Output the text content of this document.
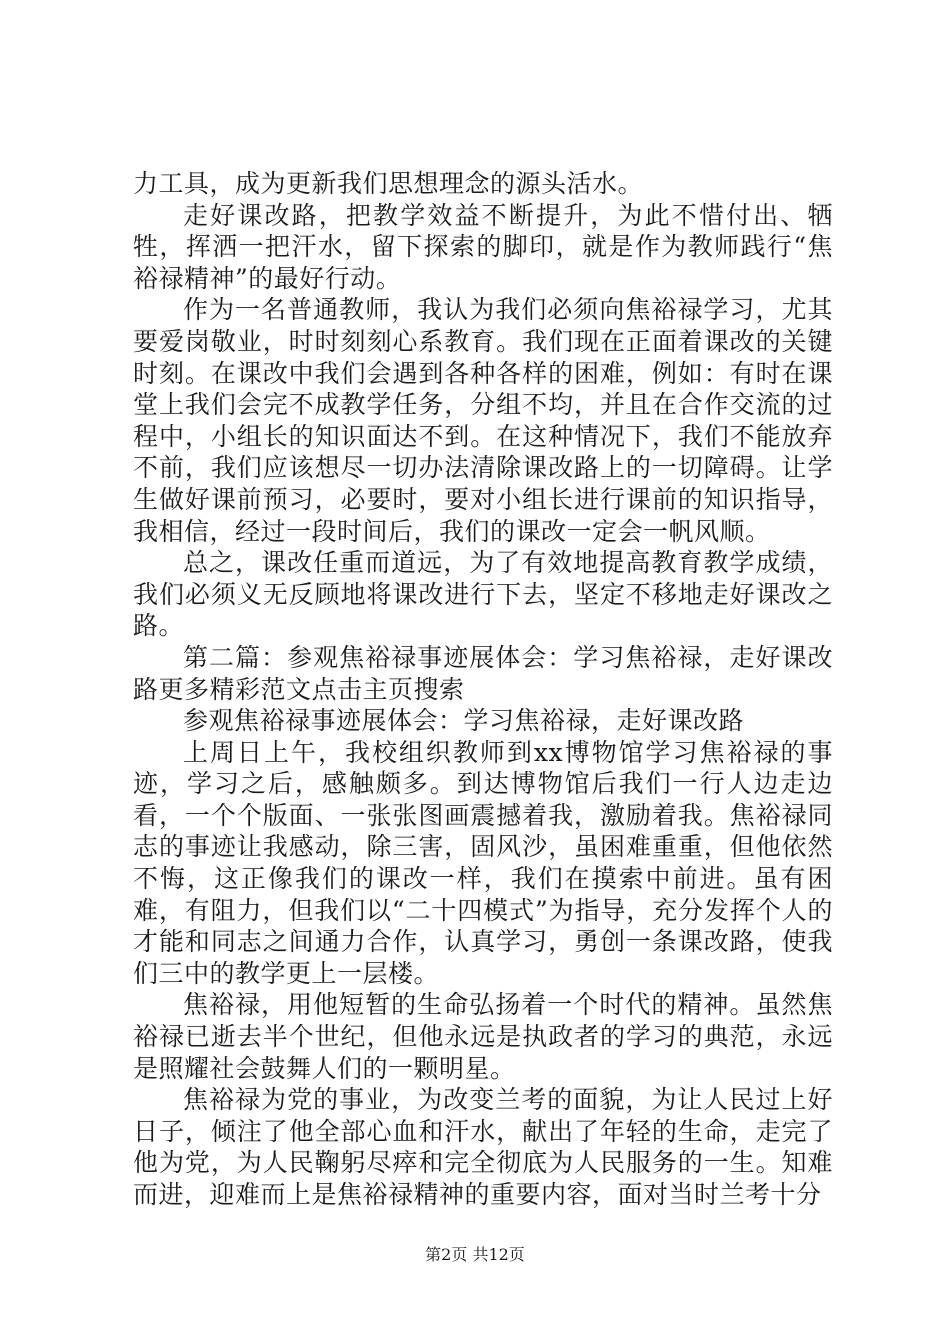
力工具，成为更新我们思想理念的源头活水。

走好课改路，把教学效益不断提升，为此不惜付出、牺牲，挥洒一把汗水，留下探索的脚印，就是作为教师践行“焦裕禄精神”的最好行动。

作为一名普通教师，我认为我们必须向焦裕禄学习，尤其要爱岗敬业，时时刻刻心系教育。我们现在正面着课改的关键时刻。在课改中我们会遇到各种各样的困难，例如：有时在课堂上我们会完不成教学任务，分组不均，并且在合作交流的过程中，小组长的知识面达不到。在这种情况下，我们不能放弃不前，我们应该想尽一切办法清除课改路上的一切障碍。让学生做好课前预习，必要时，要对小组长进行课前的知识指导，我相信，经过一段时间后，我们的课改一定会一帆风顺。

总之，课改任重而道远，为了有效地提高教育教学成绩，我们必须义无反顾地将课改进行下去，坚定不移地走好课改之路。

第二篇：参观焦裕禄事迹展体会：学习焦裕禄，走好课改路更多精彩范文点击主页搜索

参观焦裕禄事迹展体会：学习焦裕禄，走好课改路

上周日上午，我校组织教师到xx博物馆学习焦裕禄的事迹，学习之后，感触颇多。到达博物馆后我们一行人边走边看，一个个版面、一张张图画震撼着我，激励着我。焦裕禄同志的事迹让我感动，除三害，固风沙，虽困难重重，但他依然不悔，这正像我们的课改一样，我们在摸索中前进。虽有困难，有阻力，但我们以“二十四模式”为指导，充分发挥个人的才能和同志之间通力合作，认真学习，勇创一条课改路，使我们三中的教学更上一层楼。

焦裕禄，用他短暂的生命弘扬着一个时代的精神。虽然焦裕禄已逝去半个世纪，但他永远是执政者的学习的典范，永远是照耀社会鼓舞人们的一颗明星。

焦裕禄为党的事业，为改变兰考的面貌，为让人民过上好日子，倾注了他全部心血和汗水，献出了年轻的生命，走完了他为党，为人民鞠躬尽瘁和完全彻底为人民服务的一生。知难而进，迎难而上是焦裕禄精神的重要内容，面对当时兰考十分

第2页 共12页
